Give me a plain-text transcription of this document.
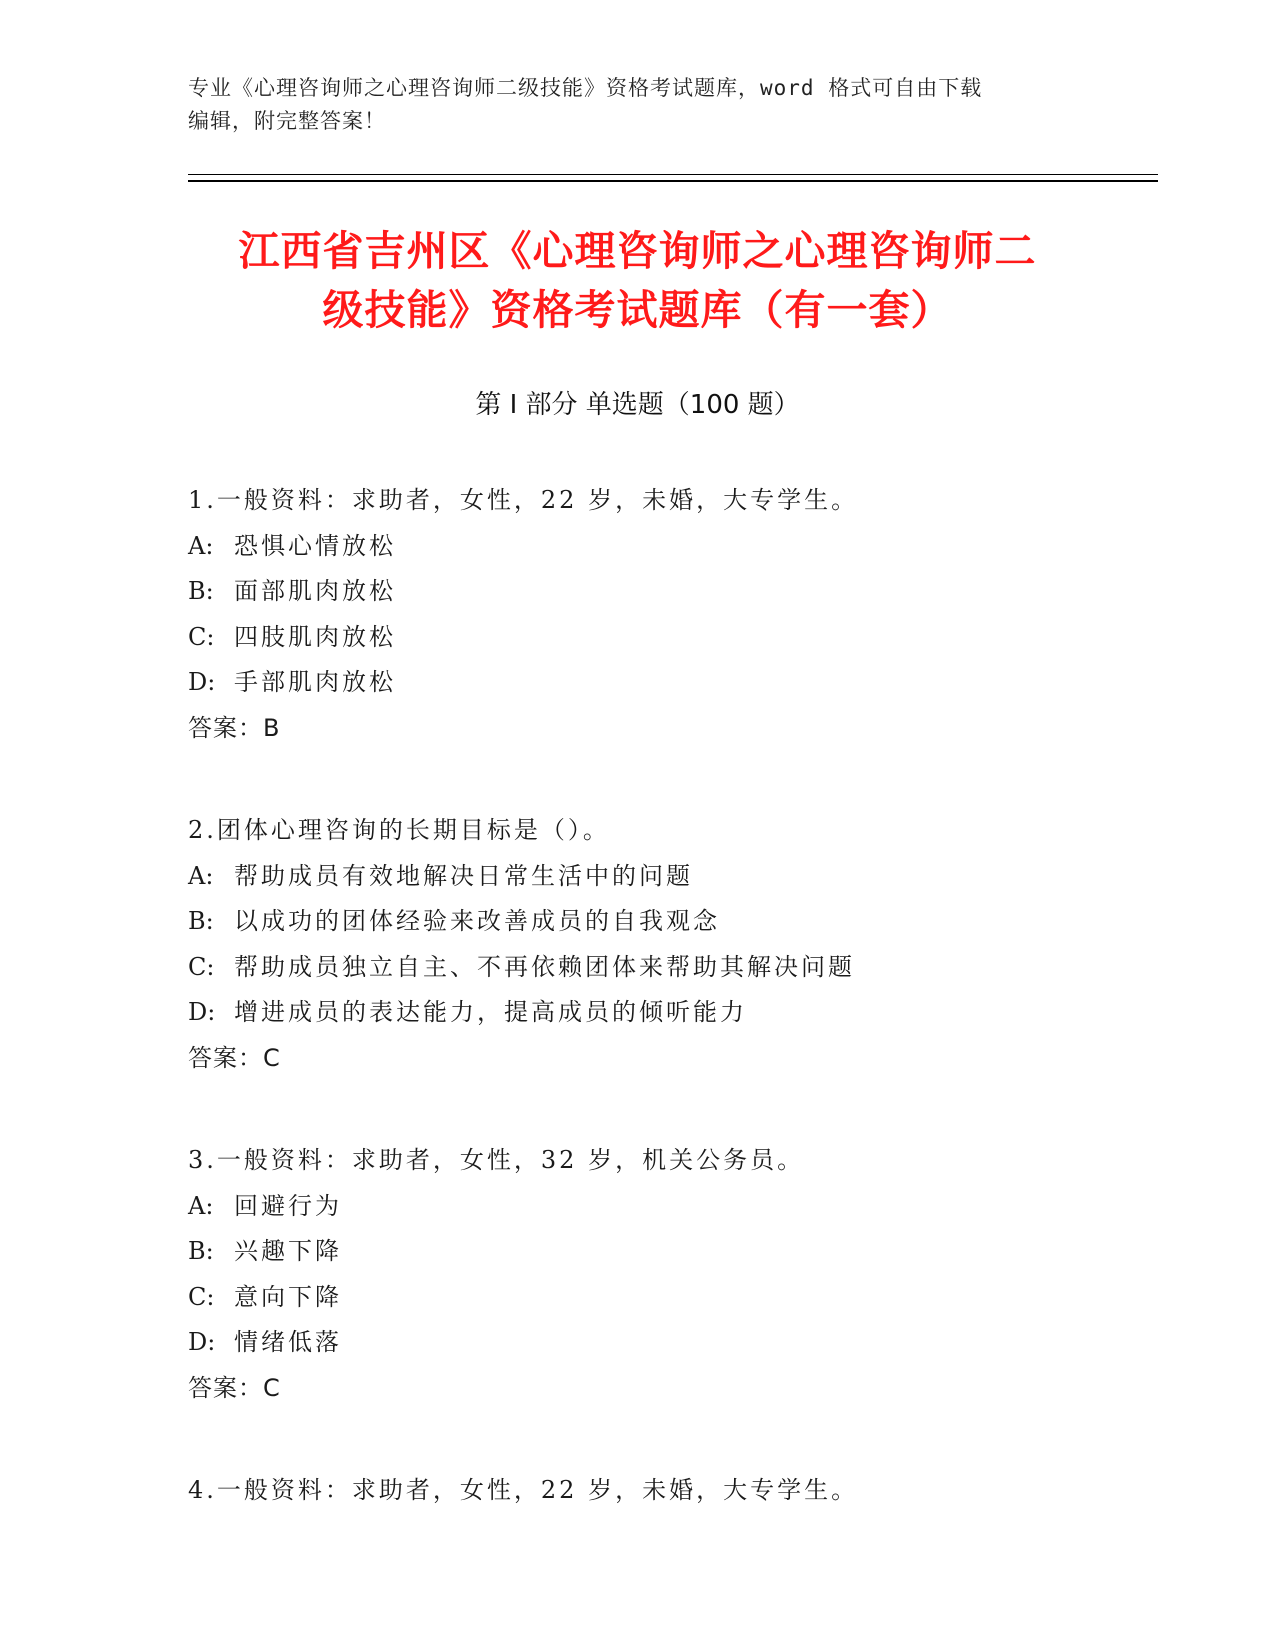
专业《心理咨询师之心理咨询师二级技能》资格考试题库，word 格式可自由下载
编辑，附完整答案！
江西省吉州区《心理咨询师之心理咨询师二
级技能》资格考试题库（有一套）
第 I 部分 单选题（100 题）
1.一般资料：求助者，女性，22 岁，未婚，大专学生。
A: 恐惧心情放松
B: 面部肌肉放松
C: 四肢肌肉放松
D: 手部肌肉放松
答案：B
2.团体心理咨询的长期目标是（）。
A: 帮助成员有效地解决日常生活中的问题
B: 以成功的团体经验来改善成员的自我观念
C: 帮助成员独立自主、不再依赖团体来帮助其解决问题
D: 增进成员的表达能力，提高成员的倾听能力
答案：C
3.一般资料：求助者，女性，32 岁，机关公务员。
A: 回避行为
B: 兴趣下降
C: 意向下降
D: 情绪低落
答案：C
4.一般资料：求助者，女性，22 岁，未婚，大专学生。
